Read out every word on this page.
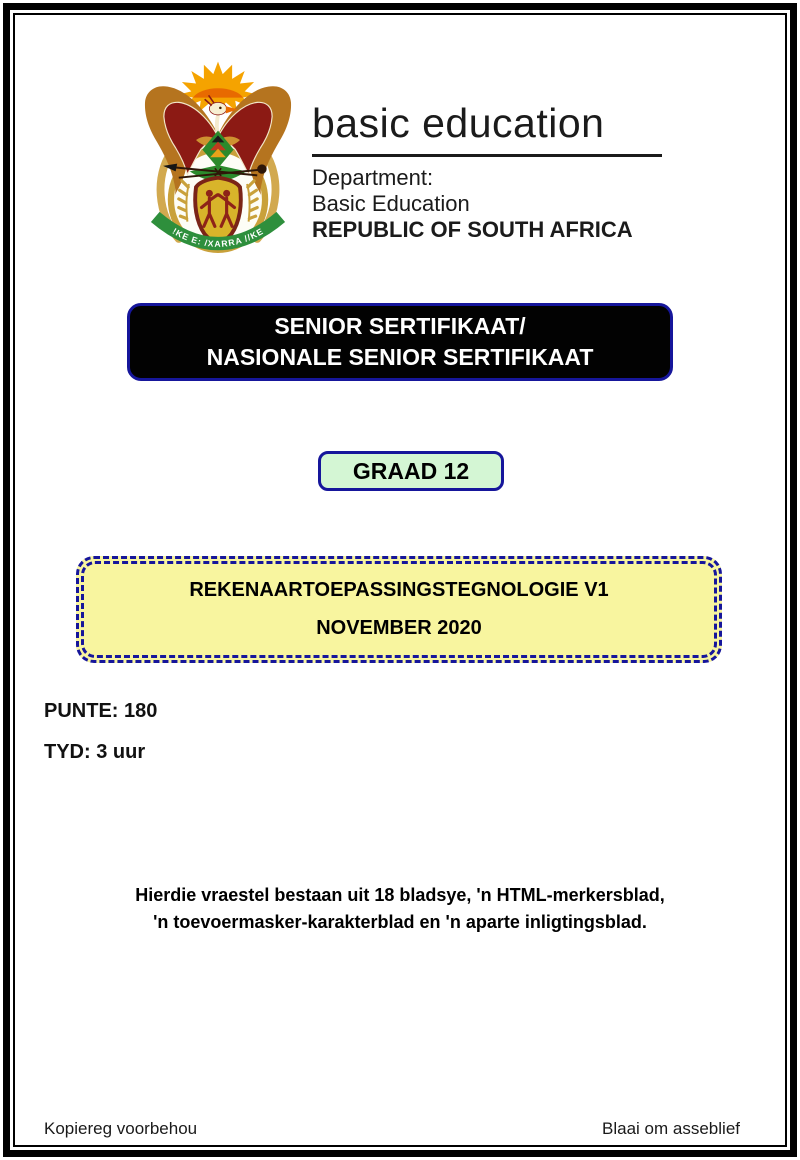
!KE E: /XARRA //KE
basic education
Department:
Basic Education
REPUBLIC OF SOUTH AFRICA
SENIOR SERTIFIKAAT/
NASIONALE SENIOR SERTIFIKAAT
GRAAD 12
REKENAARTOEPASSINGSTEGNOLOGIE V1
NOVEMBER 2020
PUNTE: 180
TYD: 3 uur
Hierdie vraestel bestaan uit 18 bladsye, 'n HTML-merkersblad,
'n toevoermasker-karakterblad en 'n aparte inligtingsblad.
Kopiereg voorbehou	Blaai om asseblief
